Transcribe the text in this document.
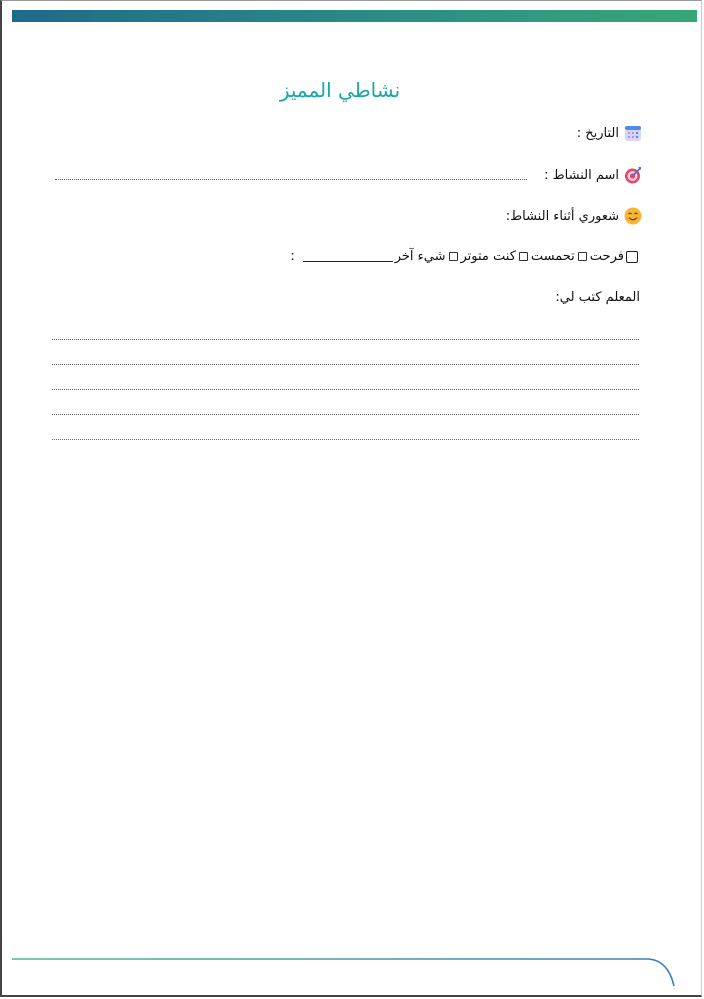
نشاطي المميز
التاريخ :
اسم النشاط :
شعوري أثناء النشاط:
فرحت
تحمست
كنت متوتر
شيء آخر
:
المعلم كتب لي:
